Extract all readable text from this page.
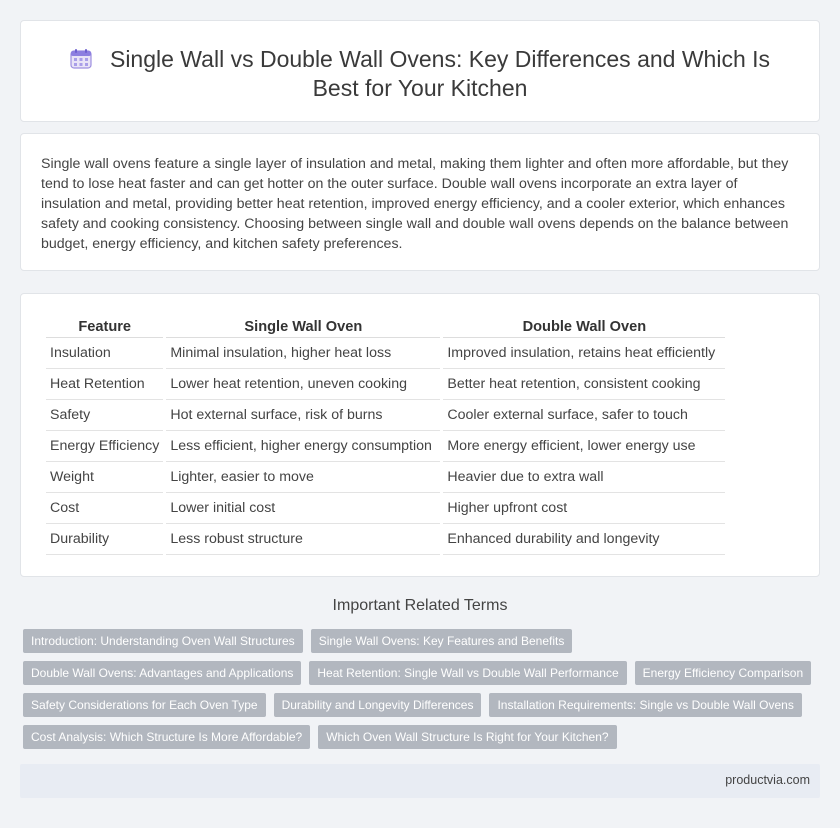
Single Wall vs Double Wall Ovens: Key Differences and Which Is Best for Your Kitchen

Single wall ovens feature a single layer of insulation and metal, making them lighter and often more affordable, but they tend to lose heat faster and can get hotter on the outer surface. Double wall ovens incorporate an extra layer of insulation and metal, providing better heat retention, improved energy efficiency, and a cooler exterior, which enhances safety and cooking consistency. Choosing between single wall and double wall ovens depends on the balance between budget, energy efficiency, and kitchen safety preferences.

Feature	Single Wall Oven	Double Wall Oven
Insulation	Minimal insulation, higher heat loss	Improved insulation, retains heat efficiently
Heat Retention	Lower heat retention, uneven cooking	Better heat retention, consistent cooking
Safety	Hot external surface, risk of burns	Cooler external surface, safer to touch
Energy Efficiency	Less efficient, higher energy consumption	More energy efficient, lower energy use
Weight	Lighter, easier to move	Heavier due to extra wall
Cost	Lower initial cost	Higher upfront cost
Durability	Less robust structure	Enhanced durability and longevity
Important Related Terms
Introduction: Understanding Oven Wall Structures	Single Wall Ovens: Key Features and Benefits
Double Wall Ovens: Advantages and Applications	Heat Retention: Single Wall vs Double Wall Performance	Energy Efficiency Comparison
Safety Considerations for Each Oven Type	Durability and Longevity Differences	Installation Requirements: Single vs Double Wall Ovens
Cost Analysis: Which Structure Is More Affordable?	Which Oven Wall Structure Is Right for Your Kitchen?
productvia.com
